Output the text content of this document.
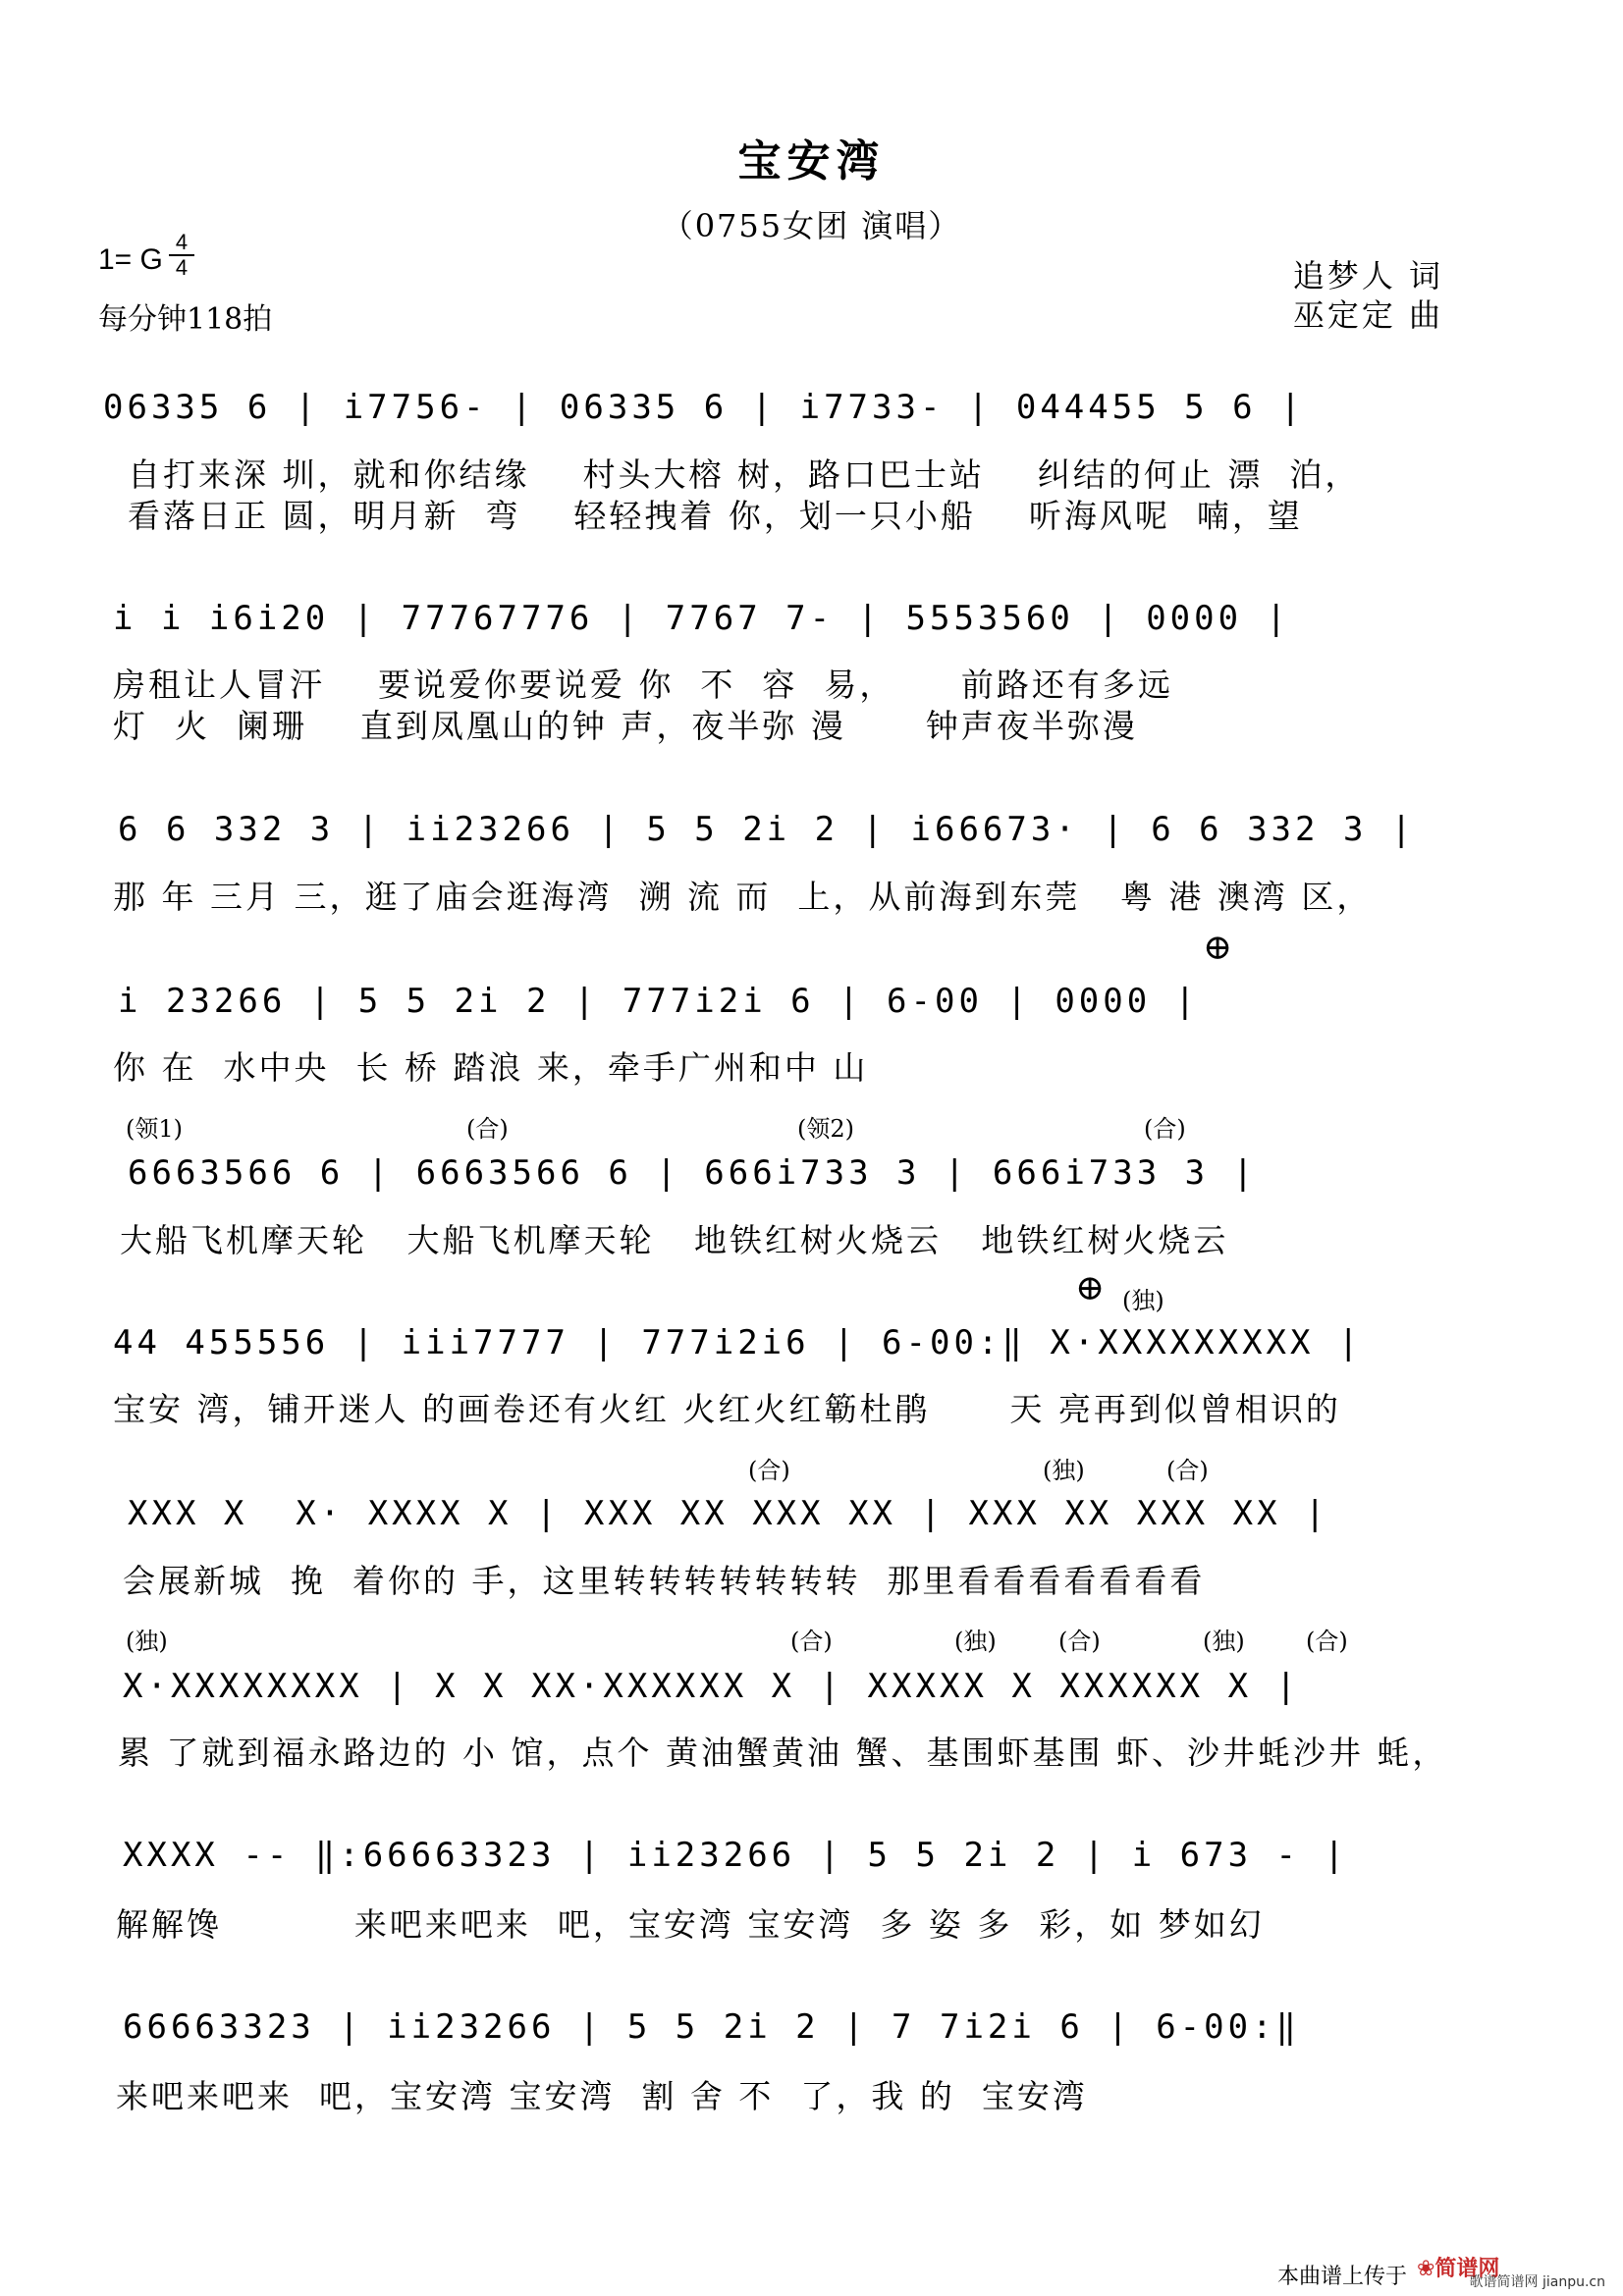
宝安湾
（0755女团 演唱）
1= G
4
4
每分钟118拍
追梦人 词
巫定定 曲
06335 6 | i7756- | 06335 6 | i7733- | 044455 5 6 |
自打来深 圳，就和你结缘    村头大榕 树，路口巴士站    纠结的何止 漂  泊，
看落日正 圆，明月新  弯    轻轻拽着 你，划一只小船    听海风呢  喃，望
i i i6i20 | 77767776 | 7767 7- | 5553560 | 0000 |
房租让人冒汗    要说爱你要说爱 你  不  容  易，     前路还有多远
灯  火  阑珊    直到凤凰山的钟 声，夜半弥 漫      钟声夜半弥漫
6 6 332 3 | ii23266 | 5 5 2i 2 | i66673· | 6 6 332 3 |
那 年 三月 三，逛了庙会逛海湾  溯 流 而  上，从前海到东莞   粤 港 澳湾 区，
⊕
i 23266 | 5 5 2i 2 | 777i2i 6 | 6-00 | 0000 |
你 在  水中央  长 桥 踏浪 来，牵手广州和中 山
(领1)	(合)	(领2)	(合)
6663566 6 | 6663566 6 | 666i733 3 | 666i733 3 |
大船飞机摩天轮   大船飞机摩天轮   地铁红树火烧云   地铁红树火烧云
⊕ (独)
44 455556 | iii7777 | 777i2i6 | 6-00:‖ X·XXXXXXXXX |
宝安 湾，铺开迷人 的画卷还有火红 火红火红簕杜鹃      天 亮再到似曾相识的
(合)	(独)	(合)
XXX X  X· XXXX X | XXX XX XXX XX | XXX XX XXX XX |
会展新城  挽  着你的 手，这里转转转转转转转  那里看看看看看看看
(独)	(合)	(独)	(合)	(独)	(合)
X·XXXXXXXX | X X XX·XXXXXX X | XXXXX X XXXXXX X |
累 了就到福永路边的 小 馆，点个 黄油蟹黄油 蟹、基围虾基围 虾、沙井蚝沙井 蚝，
XXXX -- ‖:66663323 | ii23266 | 5 5 2i 2 | i 673 - |
解解馋          来吧来吧来  吧，宝安湾 宝安湾  多 姿 多  彩，如 梦如幻
66663323 | ii23266 | 5 5 2i 2 | 7 7i2i 6 | 6-00:‖
来吧来吧来  吧，宝安湾 宝安湾  割 舍 不  了，我 的  宝安湾
本曲谱上传于 ❀简谱网
歌谱简谱网 jianpu.cn
